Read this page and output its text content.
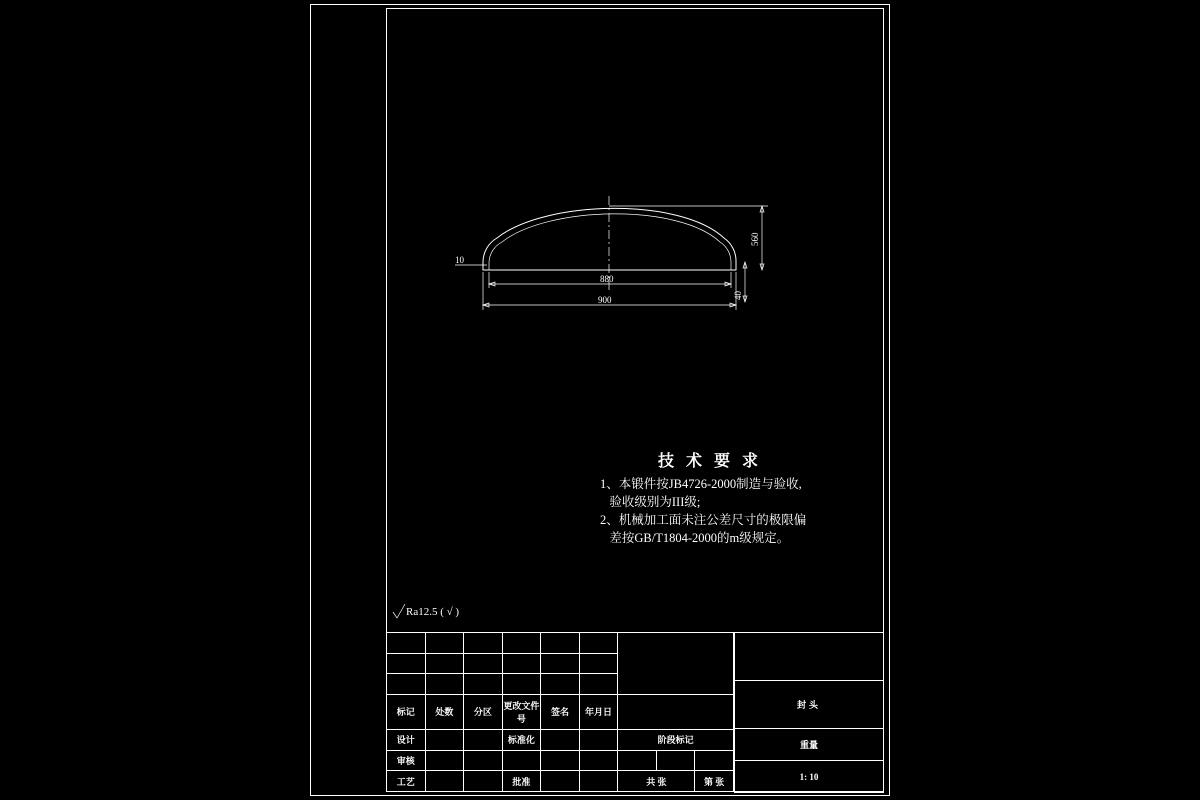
10
880
900
560
40
技 术 要 求
1、本锻件按JB4726-2000制造与验收,
验收级别为III级;
2、机械加工面未注公差尺寸的极限偏
差按GB/T1804-2000的m级规定。
Ra12.5 ( √ )

标记	处数	分区	更改文件号	签名	年月日			
设计			标准化			阶段标记		
审核								
工艺			批准			共 张		第 张

封头
重量
1: 10
